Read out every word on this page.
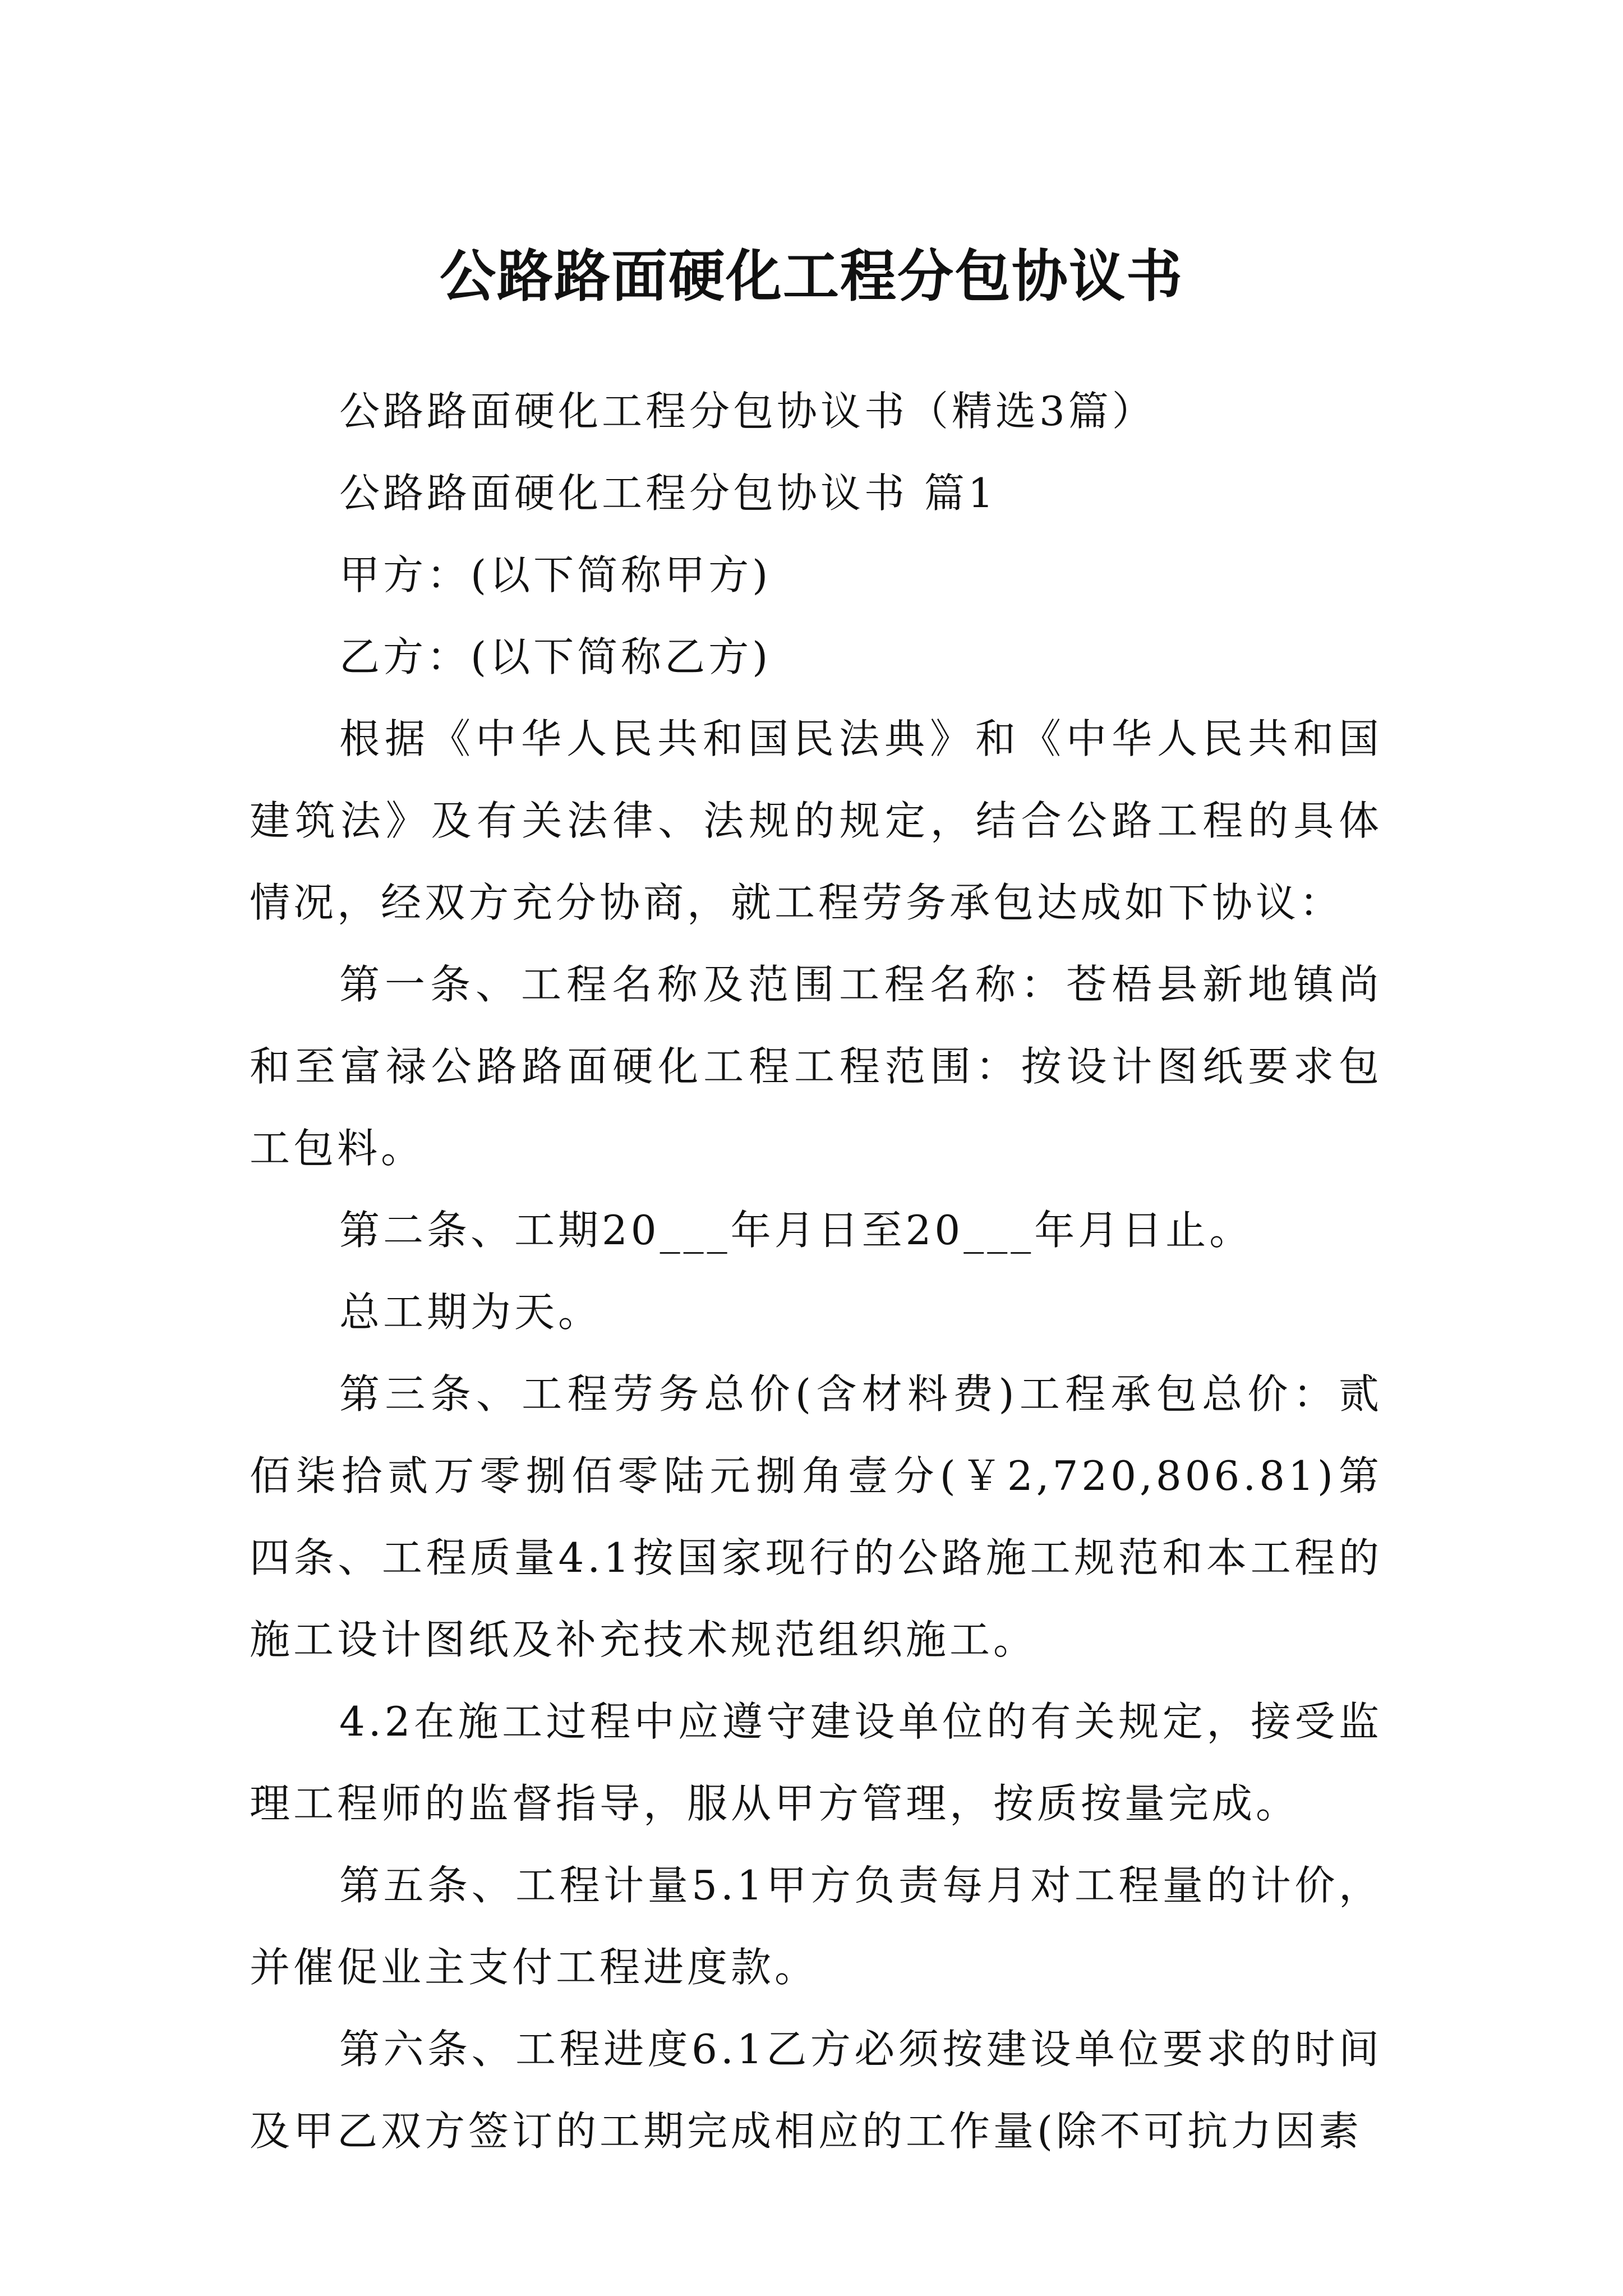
公路路面硬化工程分包协议书

公路路面硬化工程分包协议书（精选3篇）

公路路面硬化工程分包协议书 篇1

甲方：(以下简称甲方)

乙方：(以下简称乙方)

根据《中华人民共和国民法典》和《中华人民共和国建筑法》及有关法律、法规的规定，结合公路工程的具体情况，经双方充分协商，就工程劳务承包达成如下协议：

第一条、工程名称及范围工程名称：苍梧县新地镇尚和至富禄公路路面硬化工程工程范围：按设计图纸要求包工包料。

第二条、工期20___年月日至20___年月日止。

总工期为天。

第三条、工程劳务总价(含材料费)工程承包总价：贰佰柒拾贰万零捌佰零陆元捌角壹分(￥2,720,806.81)第四条、工程质量4.1按国家现行的公路施工规范和本工程的施工设计图纸及补充技术规范组织施工。

4.2在施工过程中应遵守建设单位的有关规定，接受监理工程师的监督指导，服从甲方管理，按质按量完成。

第五条、工程计量5.1甲方负责每月对工程量的计价，并催促业主支付工程进度款。

第六条、工程进度6.1乙方必须按建设单位要求的时间及甲乙双方签订的工期完成相应的工作量(除不可抗力因素
